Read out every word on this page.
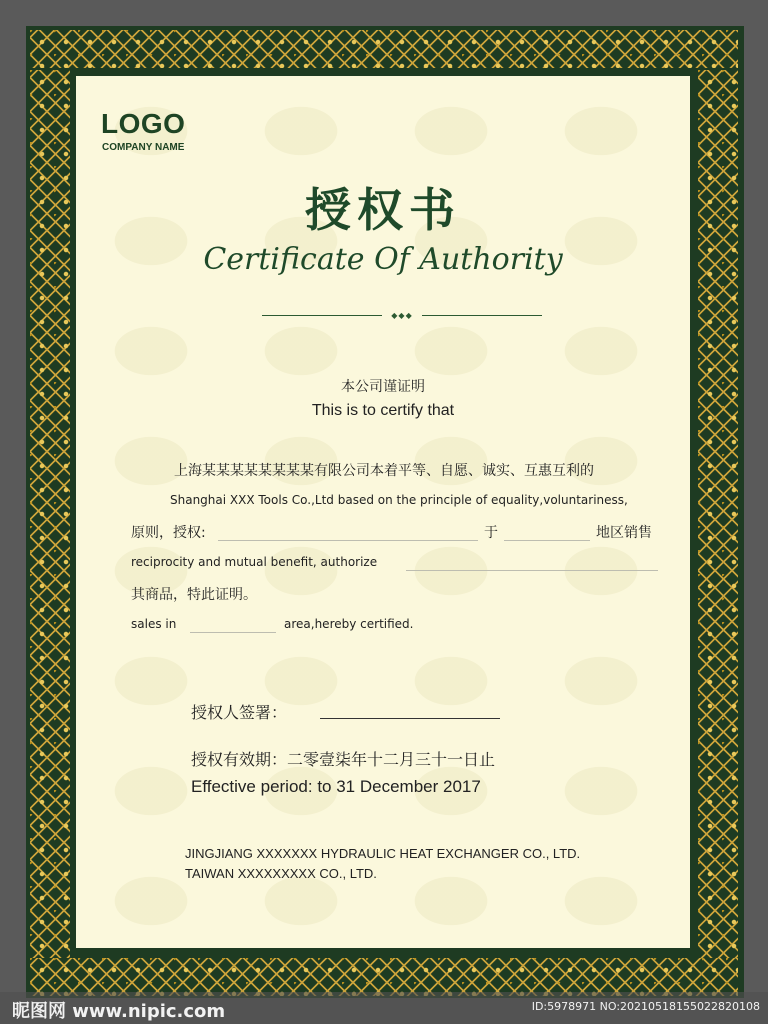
LOGO
COMPANY NAME
授权书
Certificate Of Authority
◆◆◆
本公司谨证明
This is to certify that
上海某某某某某某某某有限公司本着平等、自愿、诚实、互惠互利的
Shanghai XXX Tools Co.,Ltd based on the principle of equality,voluntariness,
原则，授权:	于	地区销售
reciprocity and mutual benefit, authorize
其商品，特此证明。
sales in	area,hereby certified.
授权人签署：
授权有效期：二零壹柒年十二月三十一日止
Effective period: to 31 December 2017
JINGJIANG XXXXXXX HYDRAULIC HEAT EXCHANGER CO., LTD.
TAIWAN XXXXXXXXX CO., LTD.
昵图网 www.nipic.com	ID:5978971 NO:20210518155022820108
